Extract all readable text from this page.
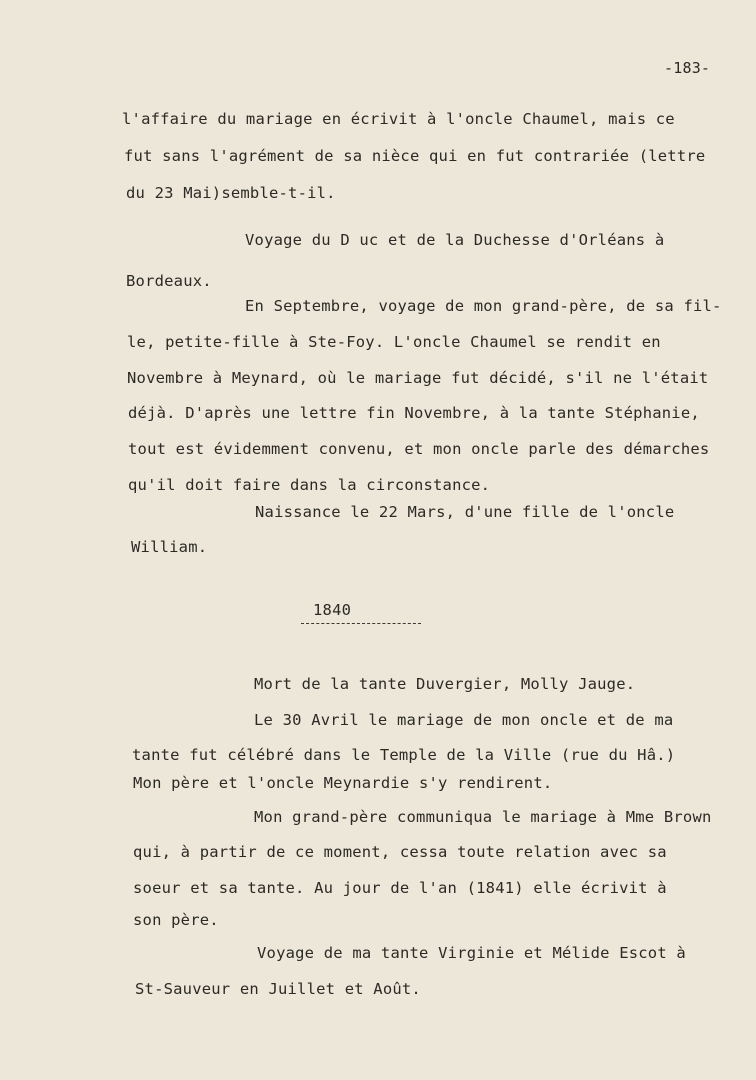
-183-
l'affaire du mariage en écrivit à l'oncle Chaumel, mais ce
fut sans l'agrément de sa nièce qui en fut contrariée (lettre
du 23 Mai)semble-t-il.
Voyage du D uc et de la Duchesse d'Orléans à
Bordeaux.
En Septembre, voyage de mon grand-père, de sa fil-
le, petite-fille à Ste-Foy. L'oncle Chaumel se rendit en
Novembre à Meynard, où le mariage fut décidé, s'il ne l'était
déjà. D'après une lettre fin Novembre, à la tante Stéphanie,
tout est évidemment convenu, et mon oncle parle des démarches
qu'il doit faire dans la circonstance.
Naissance le 22 Mars, d'une fille de l'oncle
William.
1840
Mort de la tante Duvergier, Molly Jauge.
Le 30 Avril le mariage de mon oncle et de ma
tante fut célébré dans le Temple de la Ville (rue du Hâ.)
Mon père et l'oncle Meynardie s'y rendirent.
Mon grand-père communiqua le mariage à Mme Brown
qui, à partir de ce moment, cessa toute relation avec sa
soeur et sa tante. Au jour de l'an (1841) elle écrivit à
son père.
Voyage de ma tante Virginie et Mélide Escot à
St-Sauveur en Juillet et Août.
